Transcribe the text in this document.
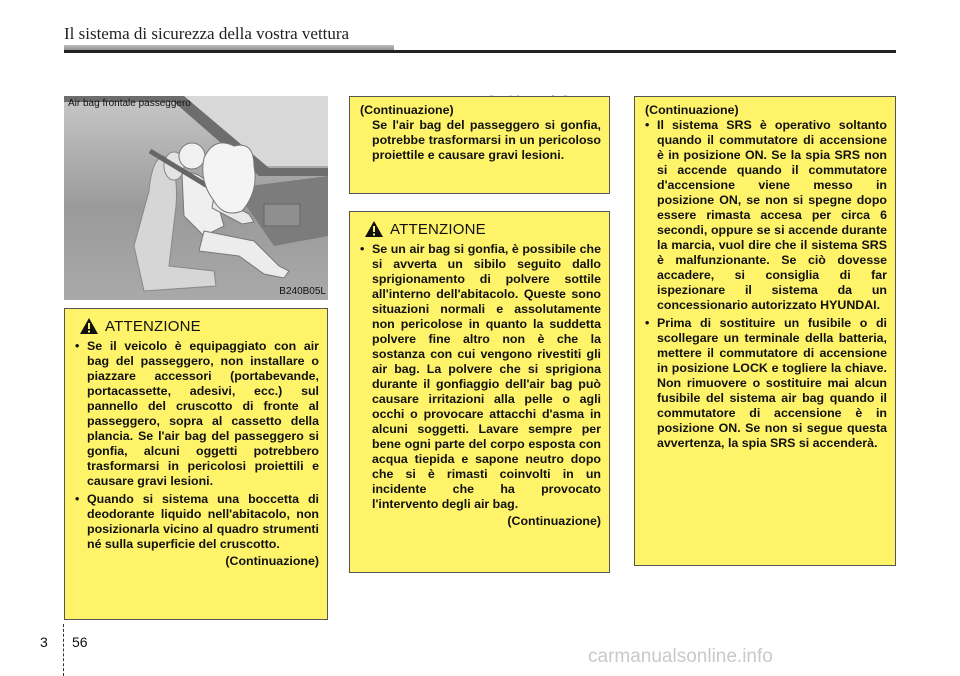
Il sistema di sicurezza della vostra vettura
Air bag frontale passeggero
B240B05L
ATTENZIONE
• Se il veicolo è equipaggiato con air bag del passeggero, non installare o piazzare accessori (portabevande, portacassette, adesivi, ecc.) sul pannello del cruscotto di fronte al passeggero, sopra al cassetto della plancia. Se l'air bag del passeggero si gonfia, alcuni oggetti potrebbero trasformarsi in pericolosi proiettili e causare gravi lesioni.
• Quando si sistema una boccetta di deodorante liquido nell'abitacolo, non posizionarla vicino al quadro strumenti né sulla superficie del cruscotto.
(Continuazione)
(Continuazione)
Se l'air bag del passeggero si gonfia, potrebbe trasformarsi in un pericoloso proiettile e causare gravi lesioni.
ATTENZIONE
• Se un air bag si gonfia, è possibile che si avverta un sibilo seguito dallo sprigionamento di polvere sottile all'interno dell'abitacolo. Queste sono situazioni normali e assolutamente non pericolose in quanto la suddetta polvere fine altro non è che la sostanza con cui vengono rivestiti gli air bag. La polvere che si sprigiona durante il gonfiaggio dell'air bag può causare irritazioni alla pelle o agli occhi o provocare attacchi d'asma in alcuni soggetti. Lavare sempre per bene ogni parte del corpo esposta con acqua tiepida e sapone neutro dopo che si è rimasti coinvolti in un incidente che ha provocato l'intervento degli air bag.
(Continuazione)
(Continuazione)
• Il sistema SRS è operativo soltanto quando il commutatore di accensione è in posizione ON. Se la spia SRS non si accende quando il commutatore d'accensione viene messo in posizione ON, se non si spegne dopo essere rimasta accesa per circa 6 secondi, oppure se si accende durante la marcia, vuol dire che il sistema SRS è malfunzionante. Se ciò dovesse accadere, si consiglia di far ispezionare il sistema da un concessionario autorizzato HYUNDAI.
• Prima di sostituire un fusibile o di scollegare un terminale della batteria, mettere il commutatore di accensione in posizione LOCK e togliere la chiave. Non rimuovere o sostituire mai alcun fusibile del sistema air bag quando il commutatore di accensione è in posizione ON. Se non si segue questa avvertenza, la spia SRS si accenderà.
3 56
carmanualsonline.info
